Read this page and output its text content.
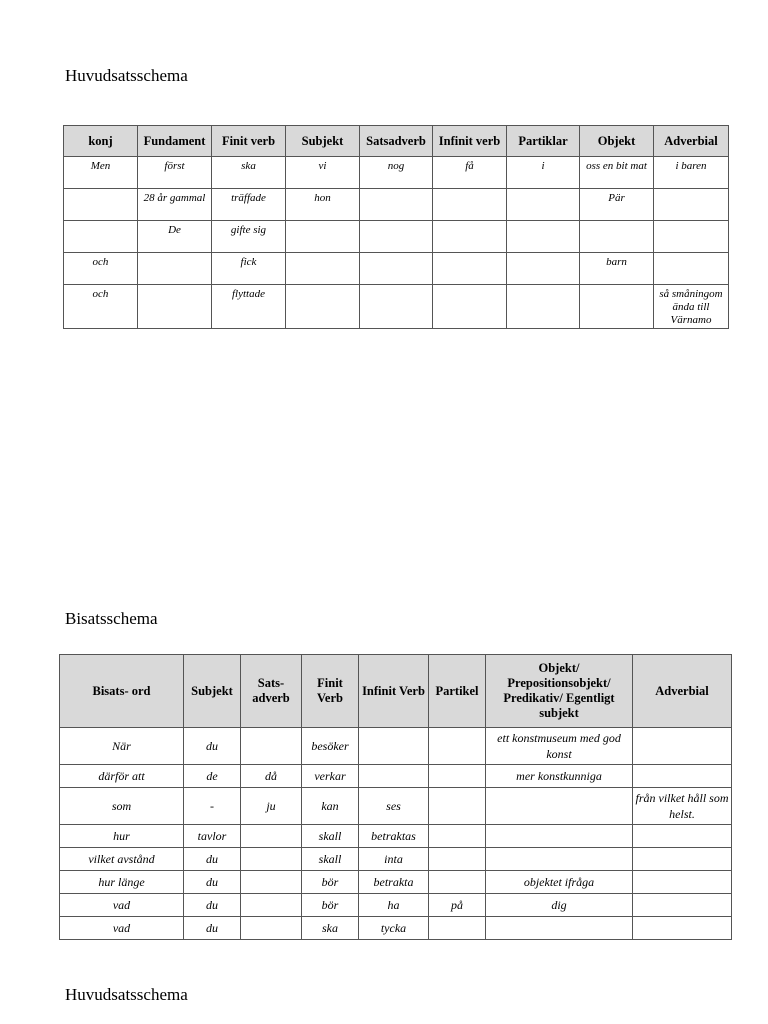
Huvudsatsschema
konj	Fundament	Finit verb	Subjekt	Satsadverb	Infinit verb	Partiklar	Objekt	Adverbial
Men	först	ska	vi	nog	få	i	oss en bit mat	i baren
	28 år gammal	träffade	hon				Pär	
	De	gifte sig						
och		fick					barn	
och		flyttade						så småningom ända till Värnamo
Bisatsschema
Bisats- ord	Subjekt	Sats- adverb	Finit Verb	Infinit Verb	Partikel	Objekt/ Prepositionsobjekt/ Predikativ/ Egentligt subjekt	Adverbial
När	du		besöker			ett konstmuseum med god konst	
därför att	de	då	verkar			mer konstkunniga	
som	-	ju	kan	ses			från vilket håll som helst.
hur	tavlor		skall	betraktas			
vilket avstånd	du		skall	inta			
hur länge	du		bör	betrakta		objektet ifråga	
vad	du		bör	ha	på	dig	
vad	du		ska	tycka			
Huvudsatsschema
